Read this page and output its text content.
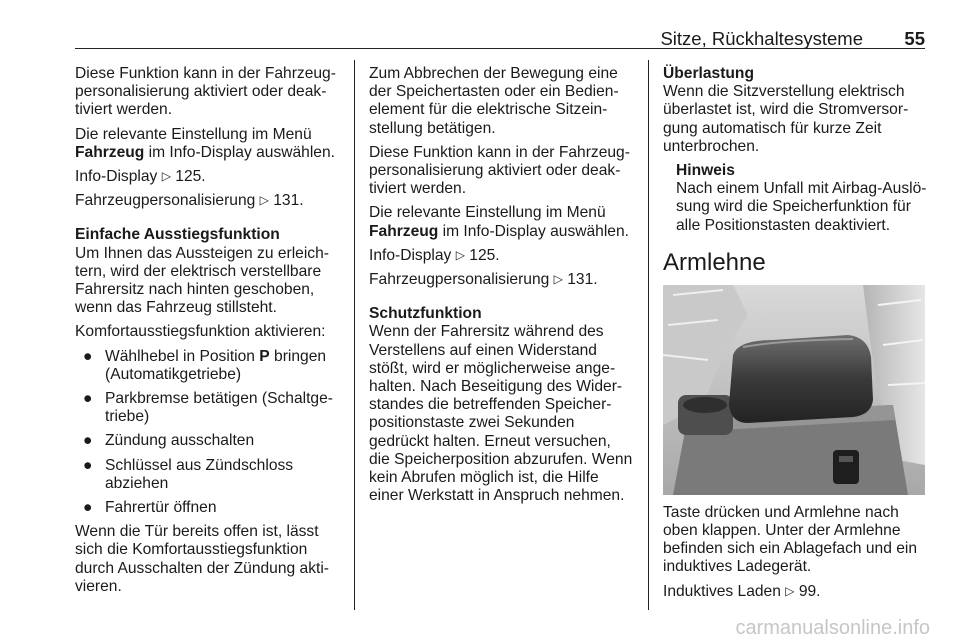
Sitze, Rückhaltesysteme 55

Diese Funktion kann in der Fahrzeugpersonalisierung aktiviert oder deaktiviert werden.

Die relevante Einstellung im Menü Fahrzeug im Info-Display auswählen.

Info-Display ▷ 125.

Fahrzeugpersonalisierung ▷ 131.

Einfache Ausstiegsfunktion

Um Ihnen das Aussteigen zu erleichtern, wird der elektrisch verstellbare Fahrersitz nach hinten geschoben, wenn das Fahrzeug stillsteht.

Komfortausstiegsfunktion aktivieren:

● Wählhebel in Position P bringen (Automatikgetriebe)
● Parkbremse betätigen (Schaltgetriebe)
● Zündung ausschalten
● Schlüssel aus Zündschloss abziehen
● Fahrertür öffnen

Wenn die Tür bereits offen ist, lässt sich die Komfortausstiegsfunktion durch Ausschalten der Zündung aktivieren.

Zum Abbrechen der Bewegung eine der Speichertasten oder ein Bedienelement für die elektrische Sitzeinstellung betätigen.

Diese Funktion kann in der Fahrzeugpersonalisierung aktiviert oder deaktiviert werden.

Die relevante Einstellung im Menü Fahrzeug im Info-Display auswählen.

Info-Display ▷ 125.

Fahrzeugpersonalisierung ▷ 131.

Schutzfunktion

Wenn der Fahrersitz während des Verstellens auf einen Widerstand stößt, wird er möglicherweise angehalten. Nach Beseitigung des Widerstandes die betreffenden Speicherpositionstaste zwei Sekunden gedrückt halten. Erneut versuchen, die Speicherposition abzurufen. Wenn kein Abrufen möglich ist, die Hilfe einer Werkstatt in Anspruch nehmen.

Überlastung

Wenn die Sitzverstellung elektrisch überlastet ist, wird die Stromversorgung automatisch für kurze Zeit unterbrochen.

Hinweis
Nach einem Unfall mit Airbag-Auslösung wird die Speicherfunktion für alle Positionstasten deaktiviert.
Armlehne

Taste drücken und Armlehne nach oben klappen. Unter der Armlehne befinden sich ein Ablagefach und ein induktives Ladegerät.

Induktives Laden ▷ 99.

carmanualsonline.info
